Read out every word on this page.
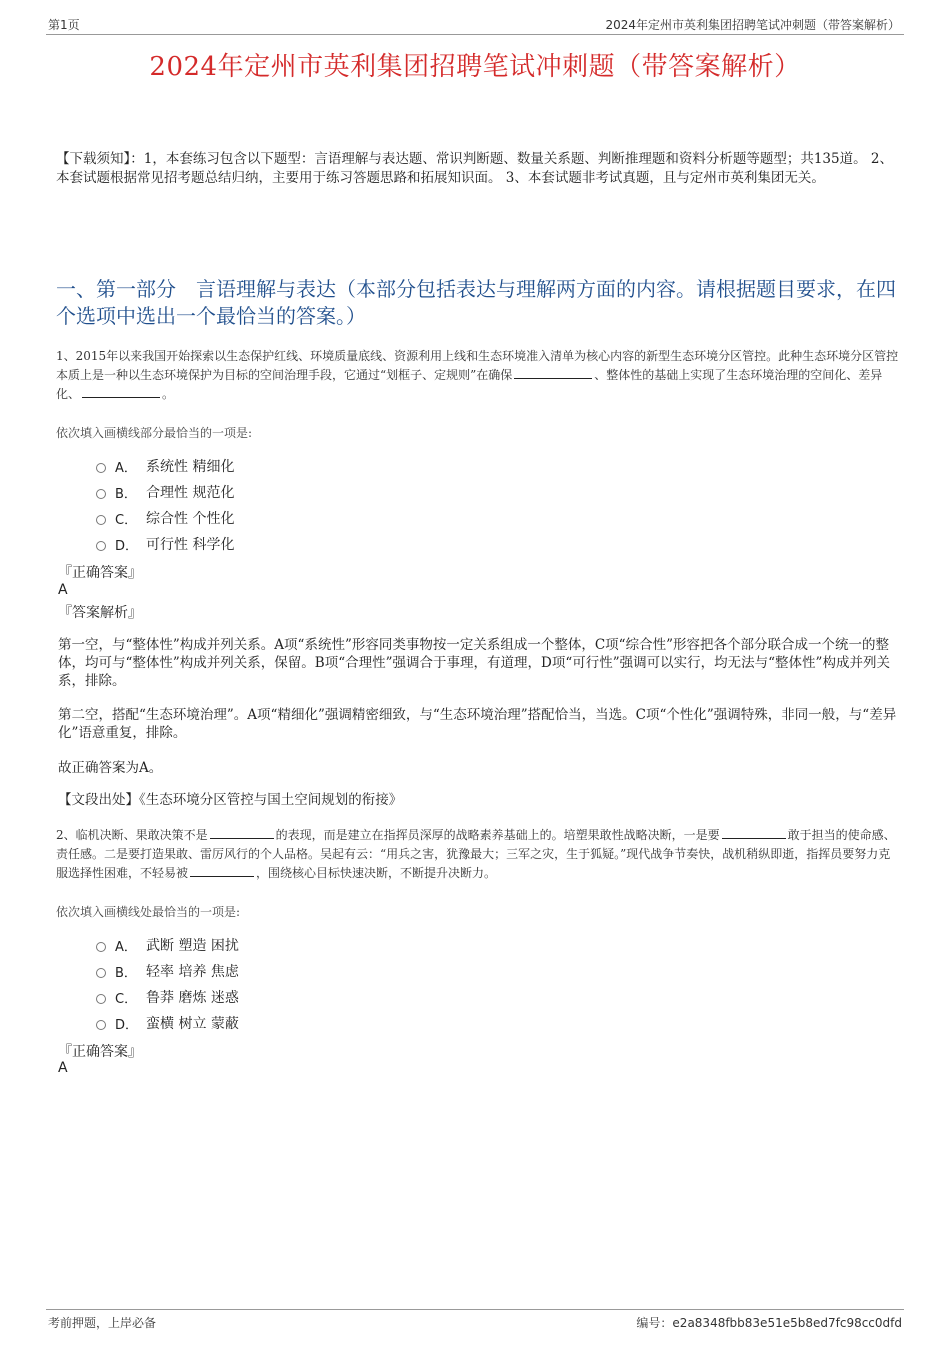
第1页	2024年定州市英利集团招聘笔试冲刺题（带答案解析）
2024年定州市英利集团招聘笔试冲刺题（带答案解析）
【下载须知】：1，本套练习包含以下题型：言语理解与表达题、常识判断题、数量关系题、判断推理题和资料分析题等题型；共135道。 2、本套试题根据常见招考题总结归纳，主要用于练习答题思路和拓展知识面。 3、本套试题非考试真题，且与定州市英利集团无关。
一、第一部分　言语理解与表达（本部分包括表达与理解两方面的内容。请根据题目要求，在四个选项中选出一个最恰当的答案。）
1、2015年以来我国开始探索以生态保护红线、环境质量底线、资源利用上线和生态环境准入清单为核心内容的新型生态环境分区管控。此种生态环境分区管控本质上是一种以生态环境保护为目标的空间治理手段，它通过“划框子、定规则”在确保	、整体性的基础上实现了生态环境治理的空间化、差异化、	。
依次填入画横线部分最恰当的一项是:
A． 系统性 精细化
B． 合理性 规范化
C． 综合性 个性化
D． 可行性 科学化
『正确答案』
A
『答案解析』
第一空，与“整体性”构成并列关系。A项“系统性”形容同类事物按一定关系组成一个整体，C项“综合性”形容把各个部分联合成一个统一的整体，均可与“整体性”构成并列关系，保留。B项“合理性”强调合于事理，有道理，D项“可行性”强调可以实行，均无法与“整体性”构成并列关系，排除。
第二空，搭配“生态环境治理”。A项“精细化”强调精密细致，与“生态环境治理”搭配恰当，当选。C项“个性化”强调特殊，非同一般，与“差异化”语意重复，排除。
故正确答案为A。
【文段出处】《生态环境分区管控与国土空间规划的衔接》
2、临机决断、果敢决策不是	的表现，而是建立在指挥员深厚的战略素养基础上的。培塑果敢性战略决断，一是要	敢于担当的使命感、责任感。二是要打造果敢、雷厉风行的个人品格。吴起有云：“用兵之害，犹豫最大；三军之灾，生于狐疑。”现代战争节奏快，战机稍纵即逝，指挥员要努力克服选择性困难，不轻易被	，围绕核心目标快速决断，不断提升决断力。
依次填入画横线处最恰当的一项是:
A． 武断 塑造 困扰
B． 轻率 培养 焦虑
C． 鲁莽 磨炼 迷惑
D． 蛮横 树立 蒙蔽
『正确答案』
A
考前押题，上岸必备	编号：e2a8348fbb83e51e5b8ed7fc98cc0dfd
